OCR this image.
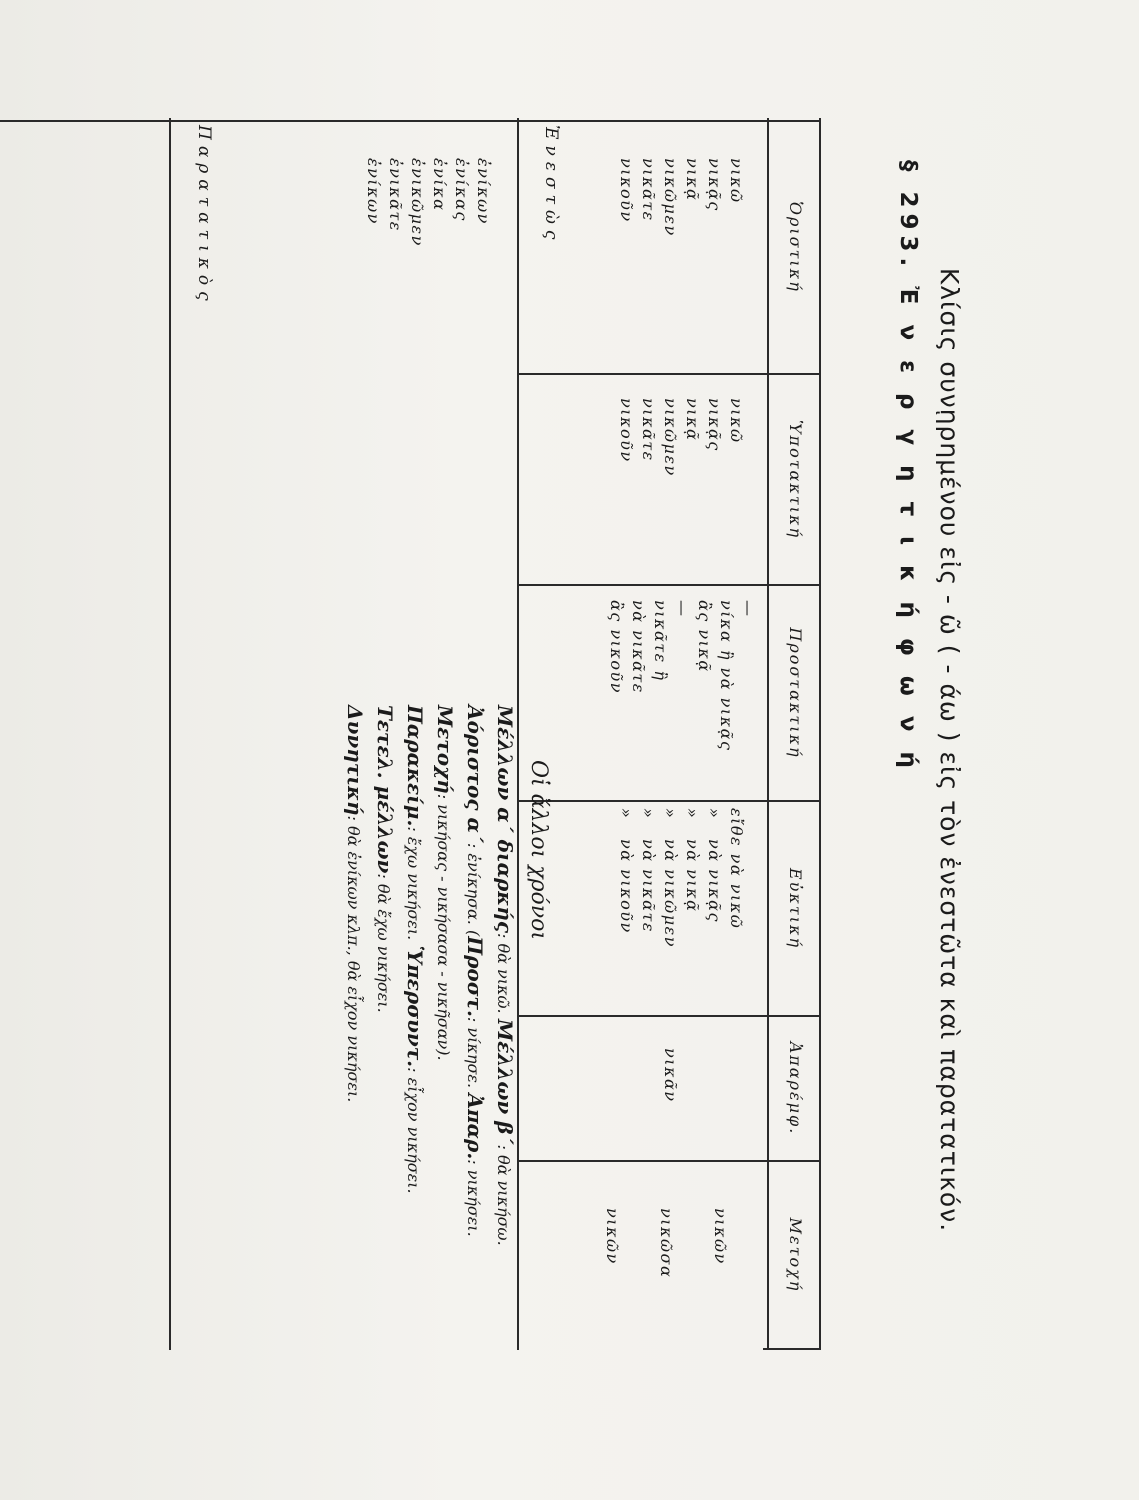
Κλίσις συνῃρημένου εἰς - ῶ ( - άω ) εἰς τὸν ἐνεστῶτα καὶ παρατατικόν.
§ 293. Ἐ ν ε ρ γ η τ ι κ ή φ ω ν ή
Ὁριστική
Ὑποτακτική
Προστακτική
Εὐκτική
Ἀπαρέμφ.
Μετοχή
Ἐνεστὼς
Παρατατικὸς	νικῶ
νικᾷς
νικᾷ
νικῶμεν
νικᾶτε
νικοῦν
νικῶ
νικᾷς
νικᾷ
νικῶμεν
νικᾶτε
νικοῦν
—
νίκα ἢ νὰ νικᾷς
ἂς νικᾷ
—
νικᾶτε ἢ
νὰ νικᾶτε
ἂς νικοῦν
εἴθε νὰ νικῶ
»   νὰ νικᾷς
»   νὰ νικᾷ
»   νὰ νικῶμεν
»   νὰ νικᾶτε
»   νὰ νικοῦν
νικᾶν
νικῶν
νικῶσα
νικῶν
ἐνίκων
ἐνίκας
ἐνίκα
ἐνικῶμεν
ἐνικᾶτε
ἐνίκων
Οἱ ἄλλοι χρόνοι
Μέλλων α΄ διαρκής: θὰ νικῶ. Μέλλων β΄: θὰ νικήσω.
Ἀόριστος α΄: ἐνίκησα. (Προστ.: νίκησε. Ἀπαρ.: νικήσει.
Μετοχή: νικήσας - νικήσασα - νικῆσαν).
Παρακείμ.: ἔχω νικήσει. Ὑπερσυντ.: εἶχον νικήσει.
Τετελ. μέλλων: θὰ ἔχω νικήσει.
Δυνητική: θὰ ἐνίκων κλπ., θὰ εἶχον νικήσει.
